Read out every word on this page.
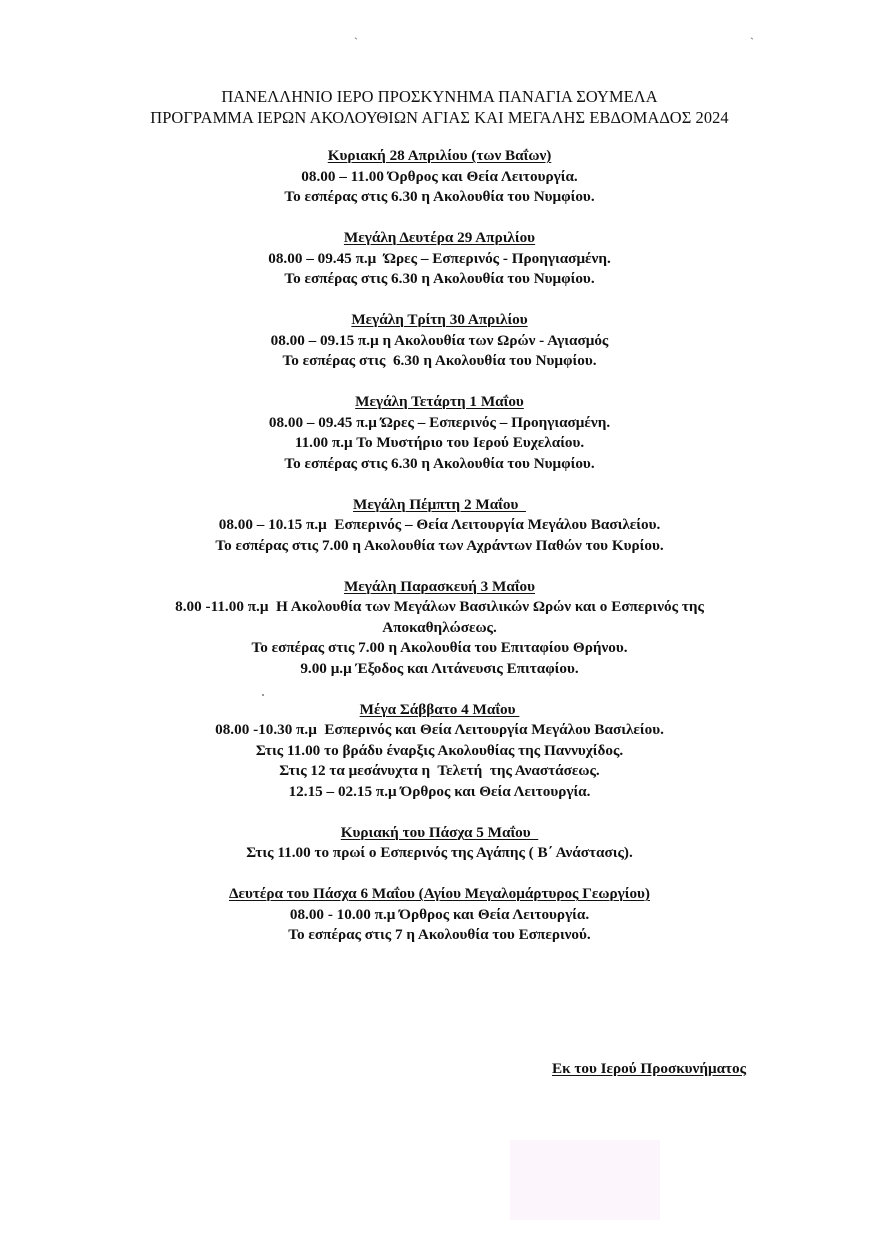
`	`
ΠΑΝΕΛΛΗΝΙΟ ΙΕΡΟ ΠΡΟΣΚΥΝΗΜΑ ΠΑΝΑΓΙΑ ΣΟΥΜΕΛΑ
ΠΡΟΓΡΑΜΜΑ ΙΕΡΩΝ ΑΚΟΛΟΥΘΙΩΝ ΑΓΙΑΣ ΚΑΙ ΜΕΓΑΛΗΣ ΕΒΔΟΜΑΔΟΣ 2024
Κυριακή 28 Απριλίου (των Βαΐων)
08.00 – 11.00 Όρθρος και Θεία Λειτουργία.
Το εσπέρας στις 6.30 η Ακολουθία του Νυμφίου.
Μεγάλη Δευτέρα 29 Απριλίου
08.00 – 09.45 π.μ  Ώρες – Εσπερινός - Προηγιασμένη.
Το εσπέρας στις 6.30 η Ακολουθία του Νυμφίου.
Μεγάλη Τρίτη 30 Απριλίου
08.00 – 09.15 π.μ η Ακολουθία των Ωρών - Αγιασμός
Το εσπέρας στις  6.30 η Ακολουθία του Νυμφίου.
Μεγάλη Τετάρτη 1 Μαΐου
08.00 – 09.45 π.μ Ώρες – Εσπερινός – Προηγιασμένη.
11.00 π.μ Το Μυστήριο του Ιερού Ευχελαίου.
Το εσπέρας στις 6.30 η Ακολουθία του Νυμφίου.
Μεγάλη Πέμπτη 2 Μαΐου
08.00 – 10.15 π.μ  Εσπερινός – Θεία Λειτουργία Μεγάλου Βασιλείου.
Το εσπέρας στις 7.00 η Ακολουθία των Αχράντων Παθών του Κυρίου.
Μεγάλη Παρασκευή 3 Μαΐου
8.00 -11.00 π.μ  Η Ακολουθία των Μεγάλων Βασιλικών Ωρών και ο Εσπερινός της
Αποκαθηλώσεως.
Το εσπέρας στις 7.00 η Ακολουθία του Επιταφίου Θρήνου.
9.00 μ.μ Έξοδος και Λιτάνευσις Επιταφίου.
Μέγα Σάββατο 4 Μαΐου
08.00 -10.30 π.μ  Εσπερινός και Θεία Λειτουργία Μεγάλου Βασιλείου.
Στις 11.00 το βράδυ έναρξις Ακολουθίας της Παννυχίδος.
Στις 12 τα μεσάνυχτα η  Τελετή  της Αναστάσεως.
12.15 – 02.15 π.μ Όρθρος και Θεία Λειτουργία.
Κυριακή του Πάσχα 5 Μαΐου
Στις 11.00 το πρωί ο Εσπερινός της Αγάπης ( Β΄ Ανάστασις).
Δευτέρα του Πάσχα 6 Μαΐου (Αγίου Μεγαλομάρτυρος Γεωργίου)
08.00 - 10.00 π.μ Όρθρος και Θεία Λειτουργία.
Το εσπέρας στις 7 η Ακολουθία του Εσπερινού.
Εκ του Ιερού Προσκυνήματος
